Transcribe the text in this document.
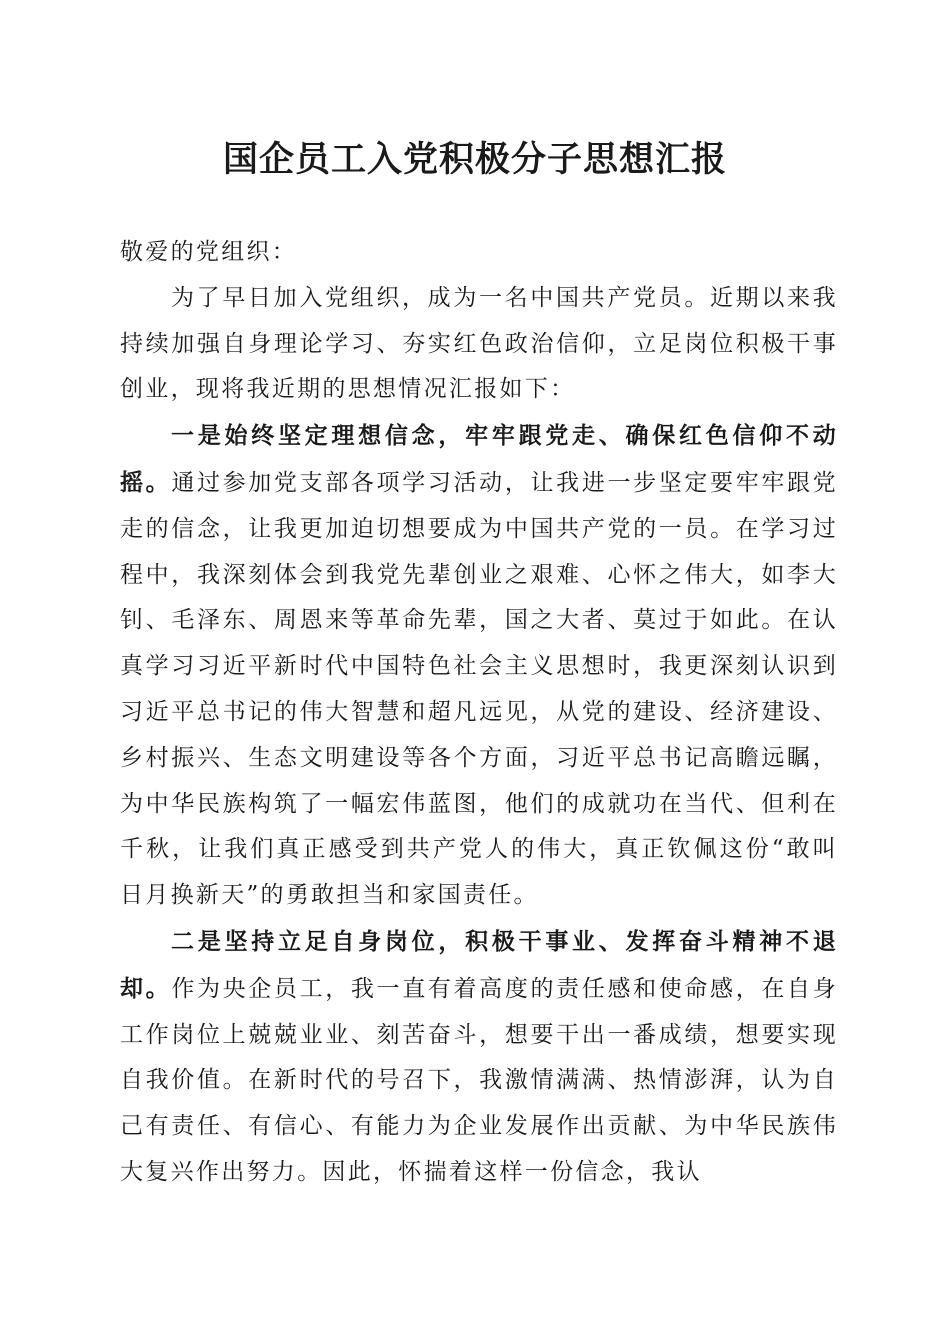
国企员工入党积极分子思想汇报

敬爱的党组织：

为了早日加入党组织，成为一名中国共产党员。近期以来我持续加强自身理论学习、夯实红色政治信仰，立足岗位积极干事创业，现将我近期的思想情况汇报如下：

一是始终坚定理想信念，牢牢跟党走、确保红色信仰不动摇。通过参加党支部各项学习活动，让我进一步坚定要牢牢跟党走的信念，让我更加迫切想要成为中国共产党的一员。在学习过程中，我深刻体会到我党先辈创业之艰难、心怀之伟大，如李大钊、毛泽东、周恩来等革命先辈，国之大者、莫过于如此。在认真学习习近平新时代中国特色社会主义思想时，我更深刻认识到习近平总书记的伟大智慧和超凡远见，从党的建设、经济建设、乡村振兴、生态文明建设等各个方面，习近平总书记高瞻远瞩，为中华民族构筑了一幅宏伟蓝图，他们的成就功在当代、但利在千秋，让我们真正感受到共产党人的伟大，真正钦佩这份“敢叫日月换新天”的勇敢担当和家国责任。

二是坚持立足自身岗位，积极干事业、发挥奋斗精神不退却。作为央企员工，我一直有着高度的责任感和使命感，在自身工作岗位上兢兢业业、刻苦奋斗，想要干出一番成绩，想要实现自我价值。在新时代的号召下，我激情满满、热情澎湃，认为自己有责任、有信心、有能力为企业发展作出贡献、为中华民族伟大复兴作出努力。因此，怀揣着这样一份信念，我认
